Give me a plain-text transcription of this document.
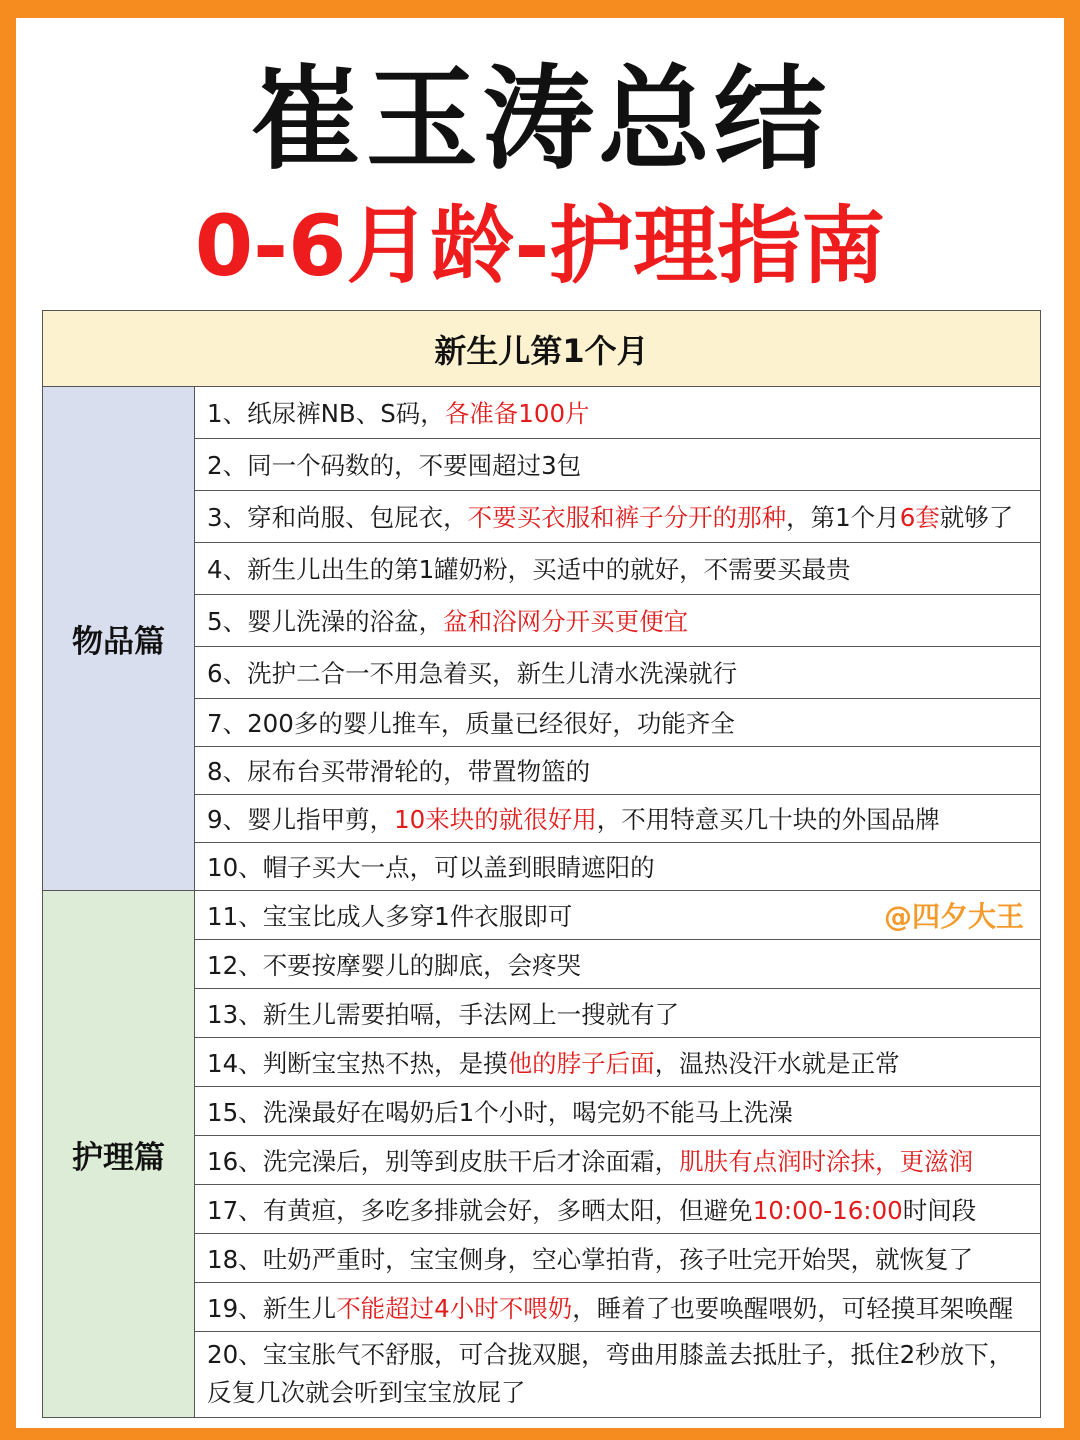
崔玉涛总结
0-6月龄-护理指南
新生儿第1个月	
物品篇	1、纸尿裤NB、S码，各准备100片
	2、同一个码数的，不要囤超过3包
	3、穿和尚服、包屁衣，不要买衣服和裤子分开的那种，第1个月6套就够了
	4、新生儿出生的第1罐奶粉，买适中的就好，不需要买最贵
	5、婴儿洗澡的浴盆，盆和浴网分开买更便宜
	6、洗护二合一不用急着买，新生儿清水洗澡就行
	7、200多的婴儿推车，质量已经很好，功能齐全
	8、尿布台买带滑轮的，带置物篮的
	9、婴儿指甲剪，10来块的就很好用，不用特意买几十块的外国品牌
	10、帽子买大一点，可以盖到眼睛遮阳的
护理篇	11、宝宝比成人多穿1件衣服即可 @四夕大王

	12、不要按摩婴儿的脚底，会疼哭
	13、新生儿需要拍嗝，手法网上一搜就有了
	14、判断宝宝热不热，是摸他的脖子后面，温热没汗水就是正常
	15、洗澡最好在喝奶后1个小时，喝完奶不能马上洗澡
	16、洗完澡后，别等到皮肤干后才涂面霜，肌肤有点润时涂抹，更滋润
	17、有黄疸，多吃多排就会好，多晒太阳，但避免10:00-16:00时间段
	18、吐奶严重时，宝宝侧身，空心掌拍背，孩子吐完开始哭，就恢复了
	19、新生儿不能超过4小时不喂奶，睡着了也要唤醒喂奶，可轻摸耳架唤醒
	20、宝宝胀气不舒服，可合拢双腿，弯曲用膝盖去抵肚子，抵住2秒放下，反复几次就会听到宝宝放屁了
